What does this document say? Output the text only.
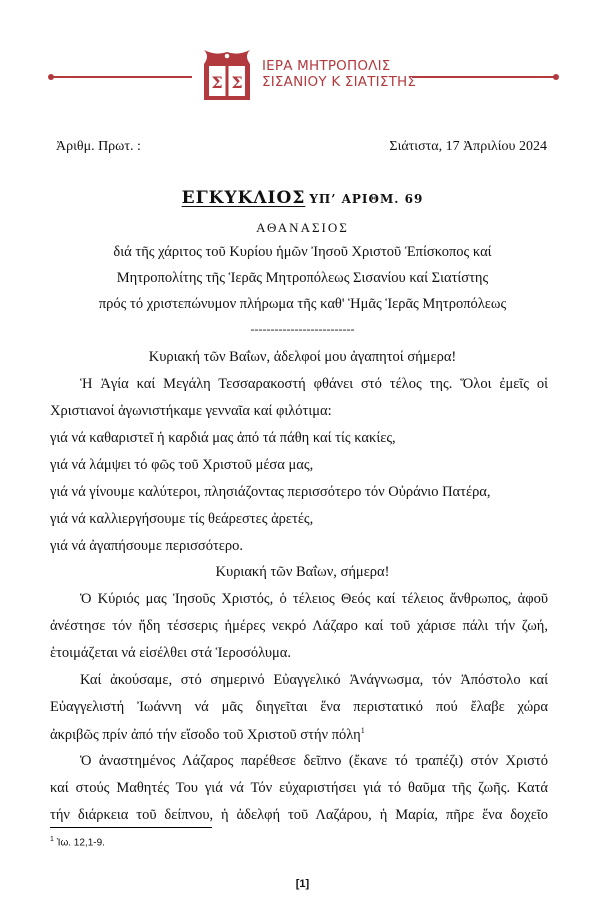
Σ Σ
ΙΕΡΑ ΜΗΤΡΟΠΟΛΙΣ
ΣΙΣΑΝΙΟΥ Κ ΣΙΑΤΙΣΤΗΣ
Ἀριθμ. Πρωτ. :	Σιάτιστα, 17 Ἀπριλίου 2024
ΕΓΚΥΚΛΙΟΣ ΥΠ’ ΑΡΙΘΜ. 69
ΑΘΑΝΑΣΙΟΣ
διά τῆς χάριτος τοῦ Κυρίου ἡμῶν Ἰησοῦ Χριστοῦ Ἐπίσκοπος καί
Μητροπολίτης τῆς Ἱερᾶς Μητροπόλεως Σισανίου καί Σιατίστης
πρός τό χριστεπώνυμον πλήρωμα τῆς καθ' Ἡμᾶς Ἱερᾶς Μητροπόλεως
--------------------------
Κυριακή τῶν Βαΐων, ἀδελφοί μου ἀγαπητοί σήμερα!
Ἡ Ἁγία καί Μεγάλη Τεσσαρακοστή φθάνει στό τέλος της. Ὅλοι ἐμεῖς οἱ
Χριστιανοί ἀγωνιστήκαμε γενναῖα καί φιλότιμα:
γιά νά καθαριστεῖ ἡ καρδιά μας ἀπό τά πάθη καί τίς κακίες,
γιά νά λάμψει τό φῶς τοῦ Χριστοῦ μέσα μας,
γιά νά γίνουμε καλύτεροι, πλησιάζοντας περισσότερο τόν Οὐράνιο Πατέρα,
γιά νά καλλιεργήσουμε τίς θεάρεστες ἀρετές,
γιά νά ἀγαπήσουμε περισσότερο.
Κυριακή τῶν Βαΐων, σήμερα!
Ὁ Κύριός μας Ἰησοῦς Χριστός, ὁ τέλειος Θεός καί τέλειος ἄνθρωπος, ἀφοῦ
ἀνέστησε τόν ἤδη τέσσερις ἡμέρες νεκρό Λάζαρο καί τοῦ χάρισε πάλι τήν ζωή,
ἑτοιμάζεται νά εἰσέλθει στά Ἱεροσόλυμα.
Καί ἀκούσαμε, στό σημερινό Εὐαγγελικό Ἀνάγνωσμα, τόν Ἀπόστολο καί
Εὐαγγελιστή Ἰωάννη νά μᾶς διηγεῖται ἕνα περιστατικό πού ἔλαβε χώρα
ἀκριβῶς πρίν ἀπό τήν εἴσοδο τοῦ Χριστοῦ στήν πόλη$^1$
Ὁ ἀναστημένος Λάζαρος παρέθεσε δεῖπνο (ἔκανε τό τραπέζι) στόν Χριστό
καί στούς Μαθητές Του γιά νά Τόν εὐχαριστήσει γιά τό θαῦμα τῆς ζωῆς. Κατά
τήν διάρκεια τοῦ δείπνου, ἡ ἀδελφή τοῦ Λαζάρου, ἡ Μαρία, πῆρε ἕνα δοχεῖο
$^1$ Ἰω. 12,1-9.
[1]
